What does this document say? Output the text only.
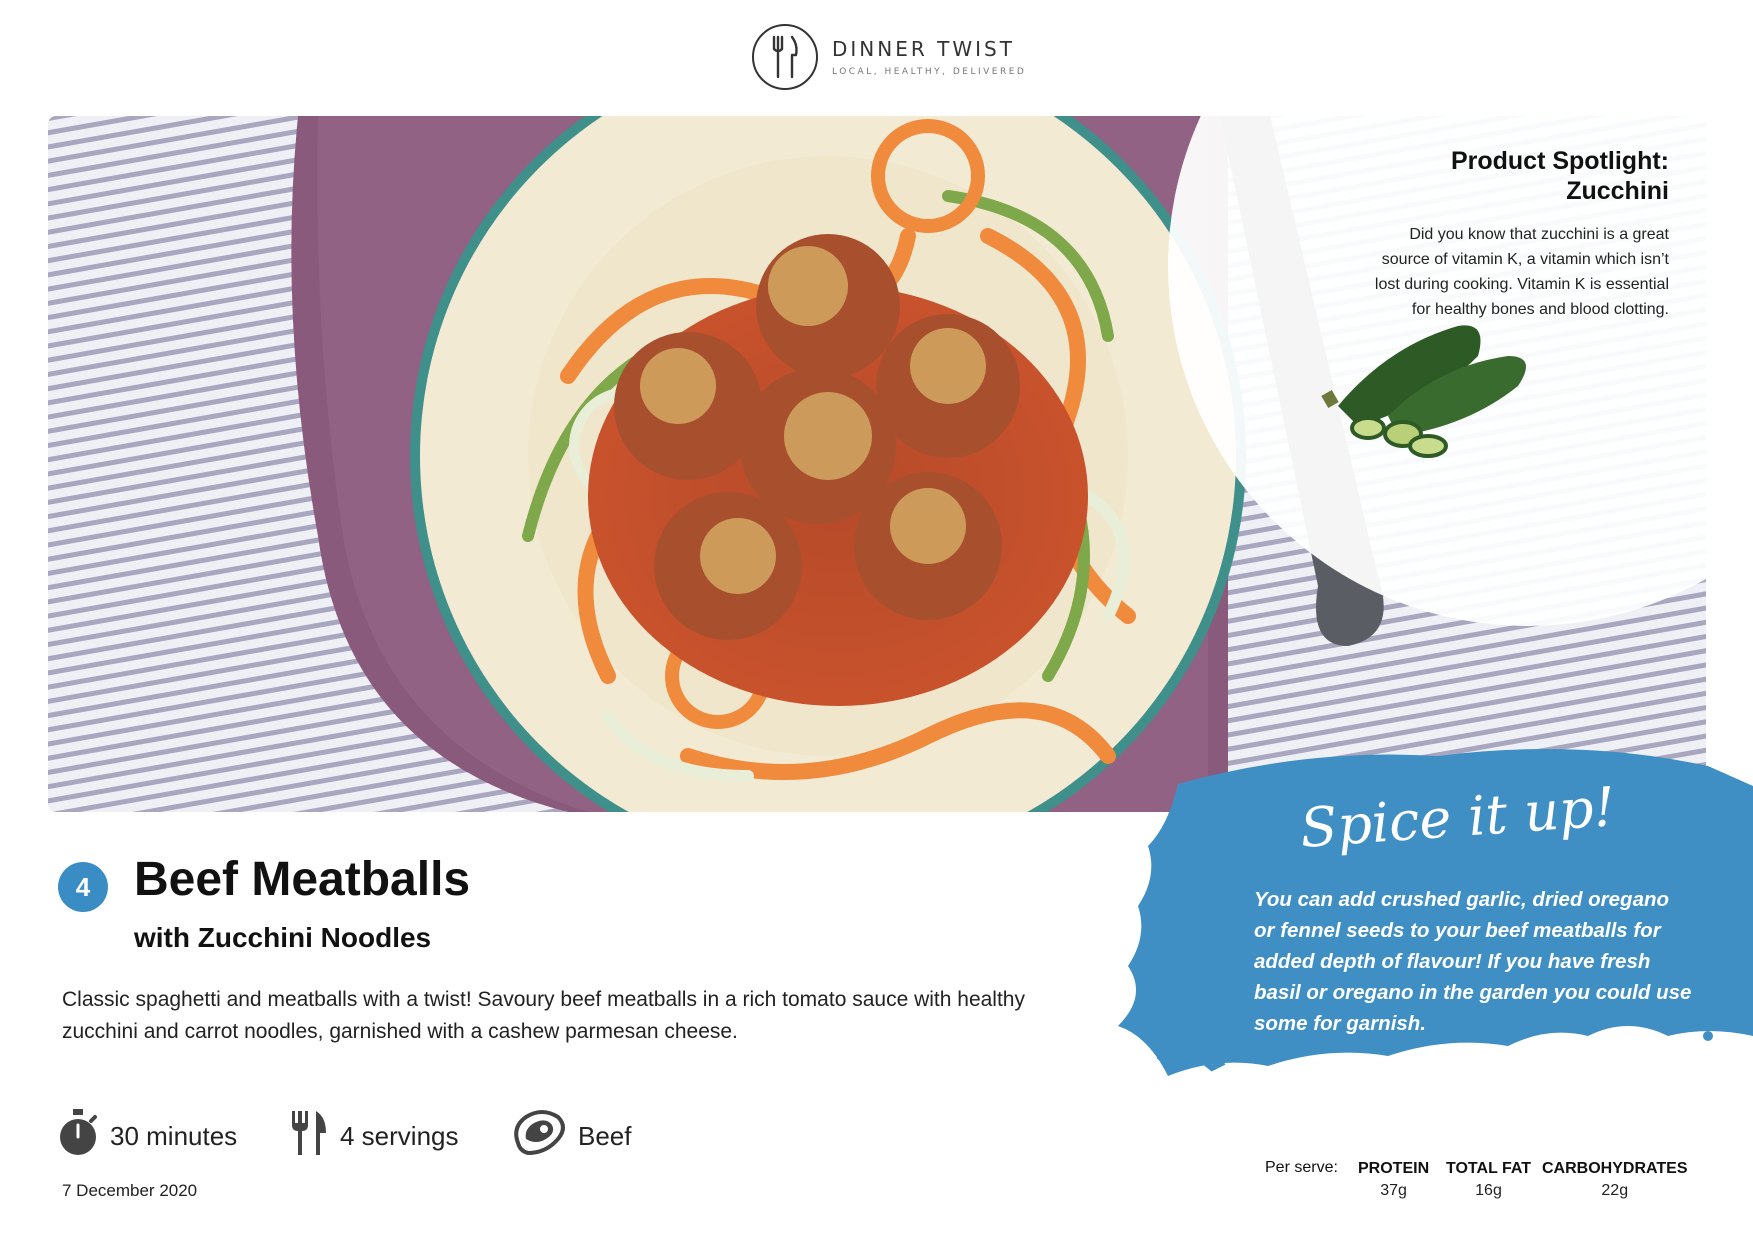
DINNER TWIST
LOCAL, HEALTHY, DELIVERED
Product Spotlight:
Zucchini
Did you know that zucchini is a great source of vitamin K, a vitamin which isn’t lost during cooking. Vitamin K is essential for healthy bones and blood clotting.
4 Beef Meatballs
with Zucchini Noodles

Classic spaghetti and meatballs with a twist! Savoury beef meatballs in a rich tomato sauce with healthy zucchini and carrot noodles, garnished with a cashew parmesan cheese.

30 minutes	4 servings	Beef
7 December 2020
Spice it up!
You can add crushed garlic, dried oregano or fennel seeds to your beef meatballs for added depth of flavour! If you have fresh basil or oregano in the garden you could use some for garnish.
Per serve: PROTEIN
37g
TOTAL FAT
16g
CARBOHYDRATES
22g
